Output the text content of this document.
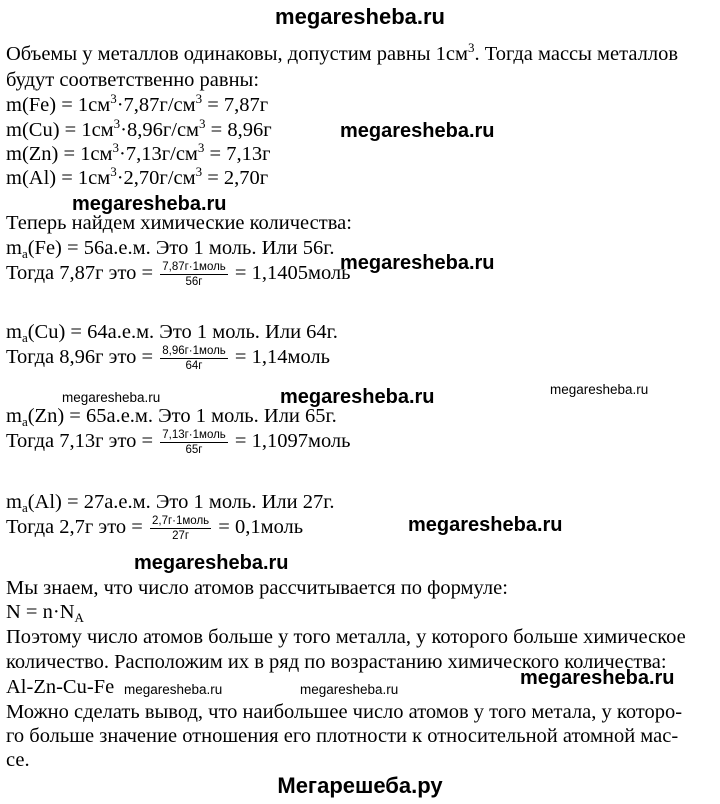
megaresheba.ru
Объемы у металлов одинаковы, допустим равны $1см^3$. Тогда массы металлов
будут соответственно равны:
$m(Fe) = 1см^3\cdot 7,87г/см^3 = 7,87г$
$m(Cu) = 1см^3\cdot 8,96г/см^3 = 8,96г$
$m(Zn) = 1см^3\cdot 7,13г/см^3 = 7,13г$
$m(Al) = 1см^3\cdot 2,70г/см^3 = 2,70г$
Теперь найдем химические количества:
$m_a(Fe) = 56а.е.м$. Это 1 моль. Или 56г.
Тогда 7,87г это = $\frac{\text{7,87г·1моль}}{56г}$ = 1,1405моль
$m_a(Cu) = 64а.е.м$. Это 1 моль. Или 64г.
Тогда 8,96г это = $\frac{\text{8,96г·1моль}}{64г}$ = 1,14моль
$m_a(Zn) = 65а.е.м$. Это 1 моль. Или 65г.
Тогда 7,13г это = $\frac{\text{7,13г·1моль}}{65г}$ = 1,1097моль
$m_a(Al) = 27а.е.м$. Это 1 моль. Или 27г.
Тогда 2,7г это = $\frac{\text{2,7г·1моль}}{27г}$ = 0,1моль
Мы знаем, что число атомов рассчитывается по формуле:
$N = n\cdot N_A$
Поэтому число атомов больше у того металла, у которого больше химическое
количество. Расположим их в ряд по возрастанию химического количества:
Al-Zn-Cu-Fe
Можно сделать вывод, что наибольшее число атомов у того метала, у которо-
го больше значение отношения его плотности к относительной атомной мас-
се.
megaresheba.ru
megaresheba.ru
megaresheba.ru
megaresheba.ru	megaresheba.ru	megaresheba.ru
megaresheba.ru
megaresheba.ru
megaresheba.ru	megaresheba.ru
megaresheba.ru
Мегарешеба.ру
